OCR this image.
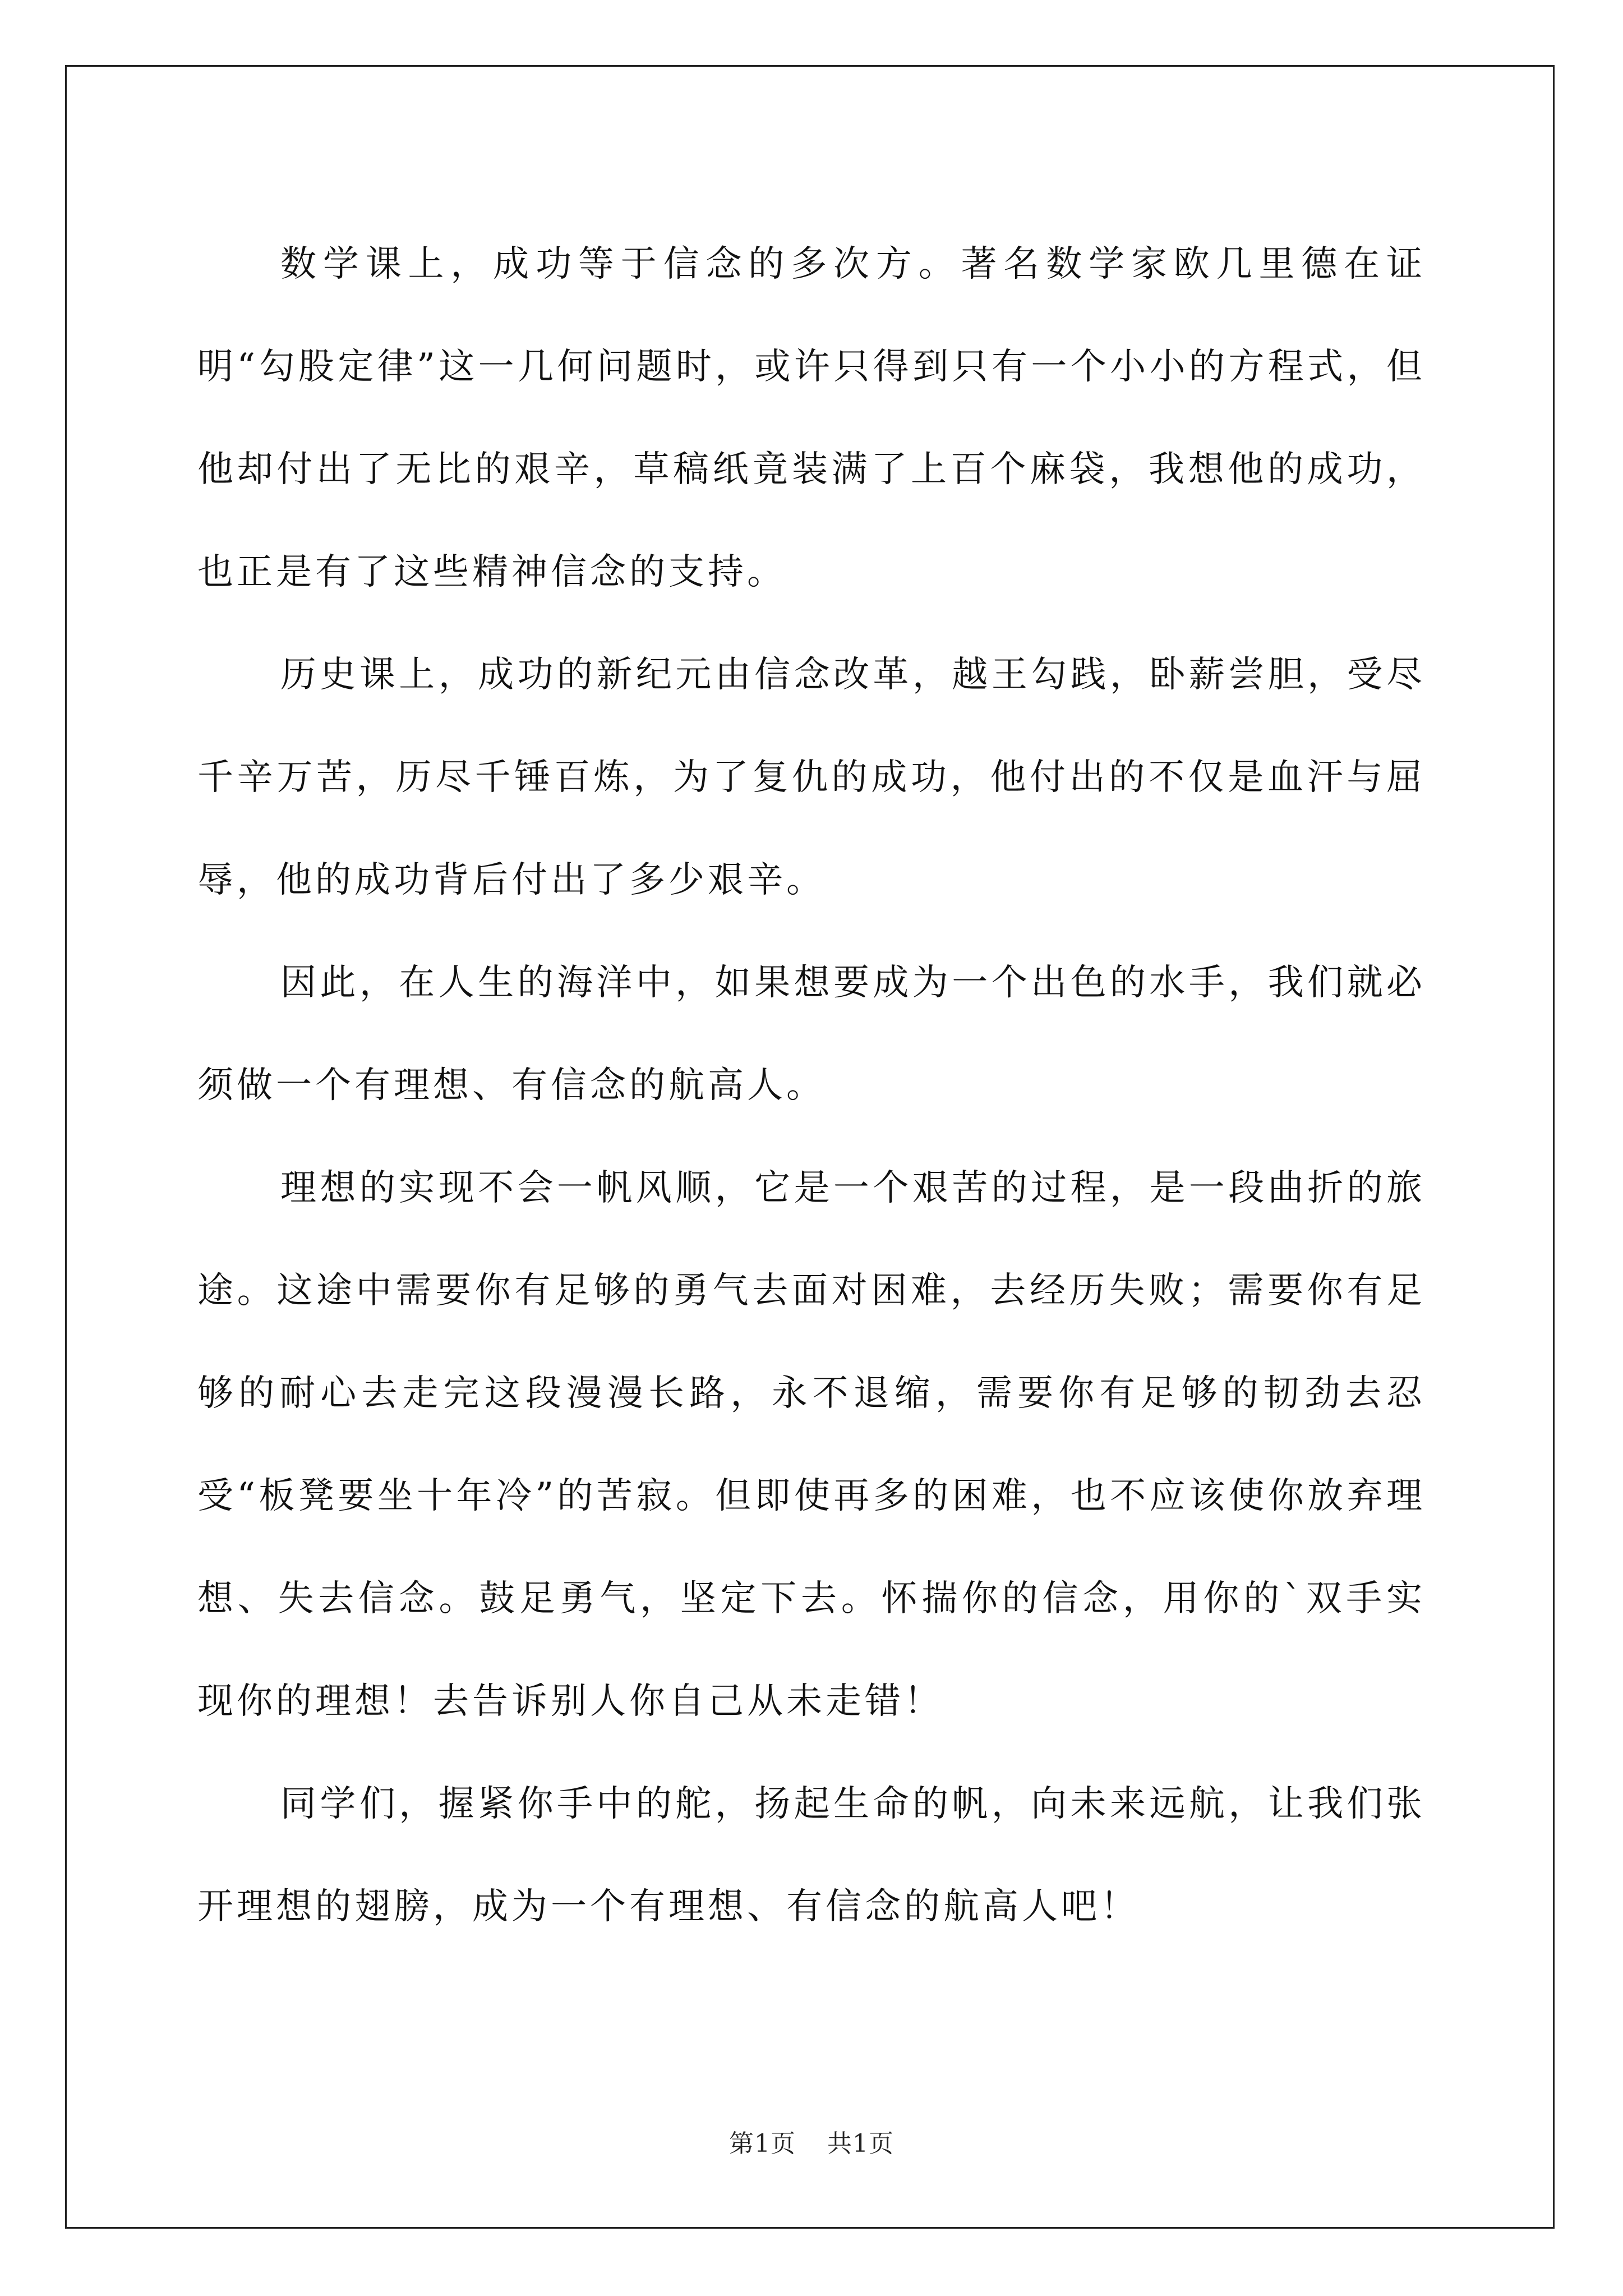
数学课上，成功等于信念的多次方。著名数学家欧几里德在证明“勾股定律”这一几何问题时，或许只得到只有一个小小的方程式，但他却付出了无比的艰辛，草稿纸竟装满了上百个麻袋，我想他的成功，也正是有了这些精神信念的支持。

历史课上，成功的新纪元由信念改革，越王勾践，卧薪尝胆，受尽千辛万苦，历尽千锤百炼，为了复仇的成功，他付出的不仅是血汗与屈辱，他的成功背后付出了多少艰辛。

因此，在人生的海洋中，如果想要成为一个出色的水手，我们就必须做一个有理想、有信念的航高人。

理想的实现不会一帆风顺，它是一个艰苦的过程，是一段曲折的旅途。这途中需要你有足够的勇气去面对困难，去经历失败；需要你有足够的耐心去走完这段漫漫长路，永不退缩，需要你有足够的韧劲去忍受“板凳要坐十年冷”的苦寂。但即使再多的困难，也不应该使你放弃理想、失去信念。鼓足勇气，坚定下去。怀揣你的信念，用你的`双手实现你的理想！去告诉别人你自己从未走错！

同学们，握紧你手中的舵，扬起生命的帆，向未来远航，让我们张开理想的翅膀，成为一个有理想、有信念的航高人吧！

第1页 共1页
